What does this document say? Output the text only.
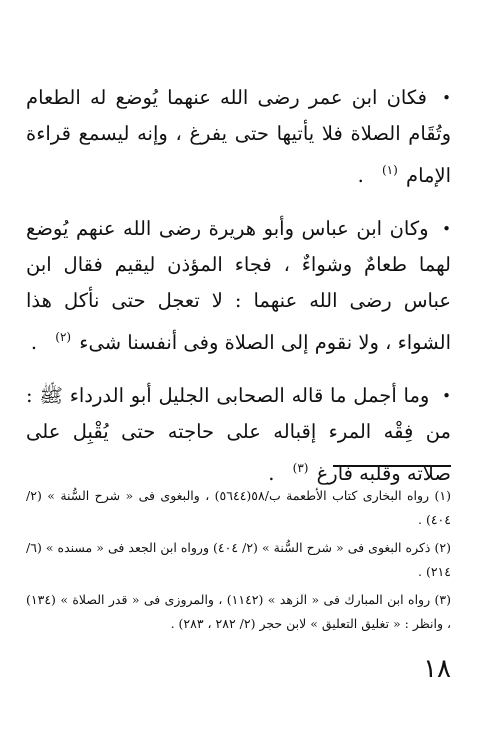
• فكان ابن عمر رضى الله عنهما يُوضع له الطعام وتُقَام الصلاة فلا يأتيها حتى يفرغ ، وإنه ليسمع قراءة الإمام $^{(١)}$ .

• وكان ابن عباس وأبو هريرة رضى الله عنهم يُوضع لهما طعامٌ وشواءٌ ، فجاء المؤذن ليقيم فقال ابن عباس رضى الله عنهما : لا تعجل حتى نأكل هذا الشواء ، ولا نقوم إلى الصلاة وفى أنفسنا شىء $^{(٢)}$ .

• وما أجمل ما قاله الصحابى الجليل أبو الدرداء ﷺ : من فِقْه المرء إقباله على حاجته حتى يُقْبِل على صلاته وقلبه فارغ $^{(٣)}$ .

(١) رواه البخارى كتاب الأطعمة ب/٥٨(٥٦٤٤) ، والبغوى فى « شرح السُّنة » (٢/ ٤٠٤) .

(٢) ذكره البغوى فى « شرح السُّنة » (٢/ ٤٠٤) ورواه ابن الجعد فى « مسنده » (٦/ ٢١٤) .

(٣) رواه ابن المبارك فى « الزهد » (١١٤٢) ، والمروزى فى « قدر الصلاة » (١٣٤) ، وانظر : « تغليق التعليق » لابن حجر (٢/ ٢٨٢ ، ٢٨٣) .

١٨
